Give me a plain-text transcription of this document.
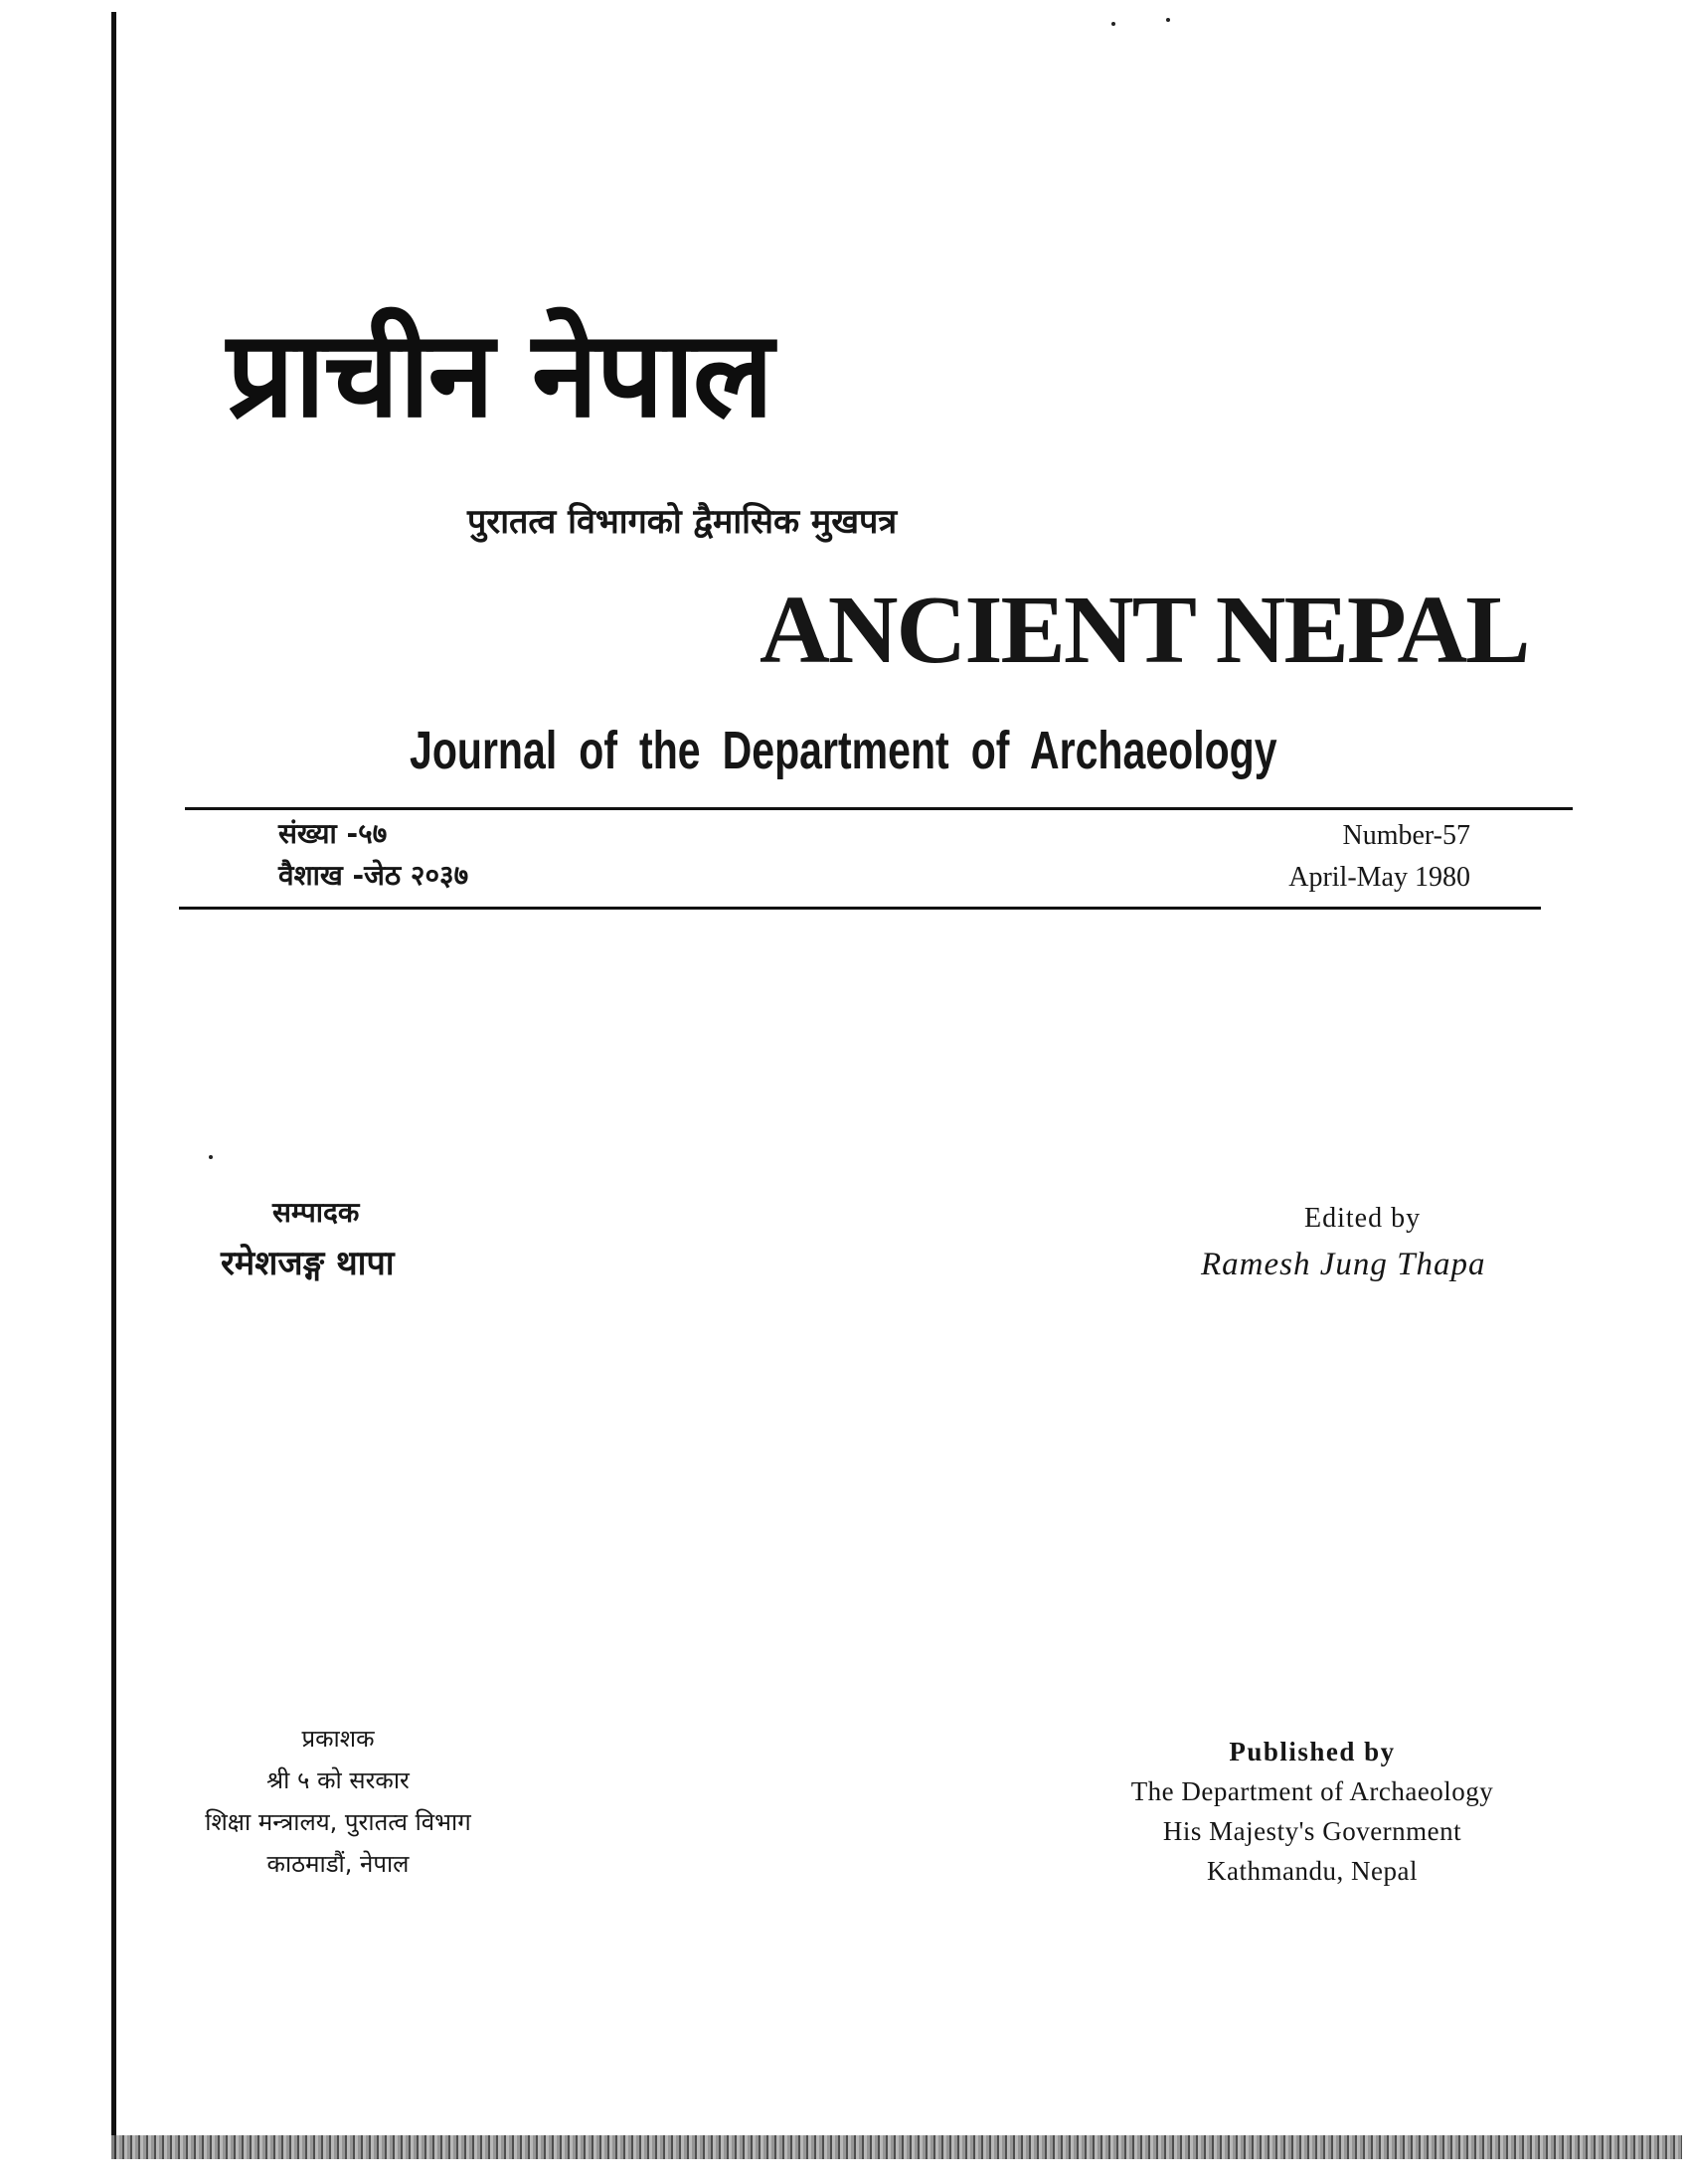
प्राचीन नेपाल
पुरातत्व विभागको द्वैमासिक मुखपत्र
ANCIENT NEPAL
Journal of the Department of Archaeology
संख्या -५७
वैशाख -जेठ २०३७
Number-57
April-May 1980
सम्पादक
रमेशजङ्ग थापा
Edited by
Ramesh Jung Thapa
प्रकाशक
श्री ५ को सरकार
शिक्षा मन्त्रालय, पुरातत्व विभाग
काठमाडौं, नेपाल
Published by
The Department of Archaeology
His Majesty's Government
Kathmandu, Nepal
